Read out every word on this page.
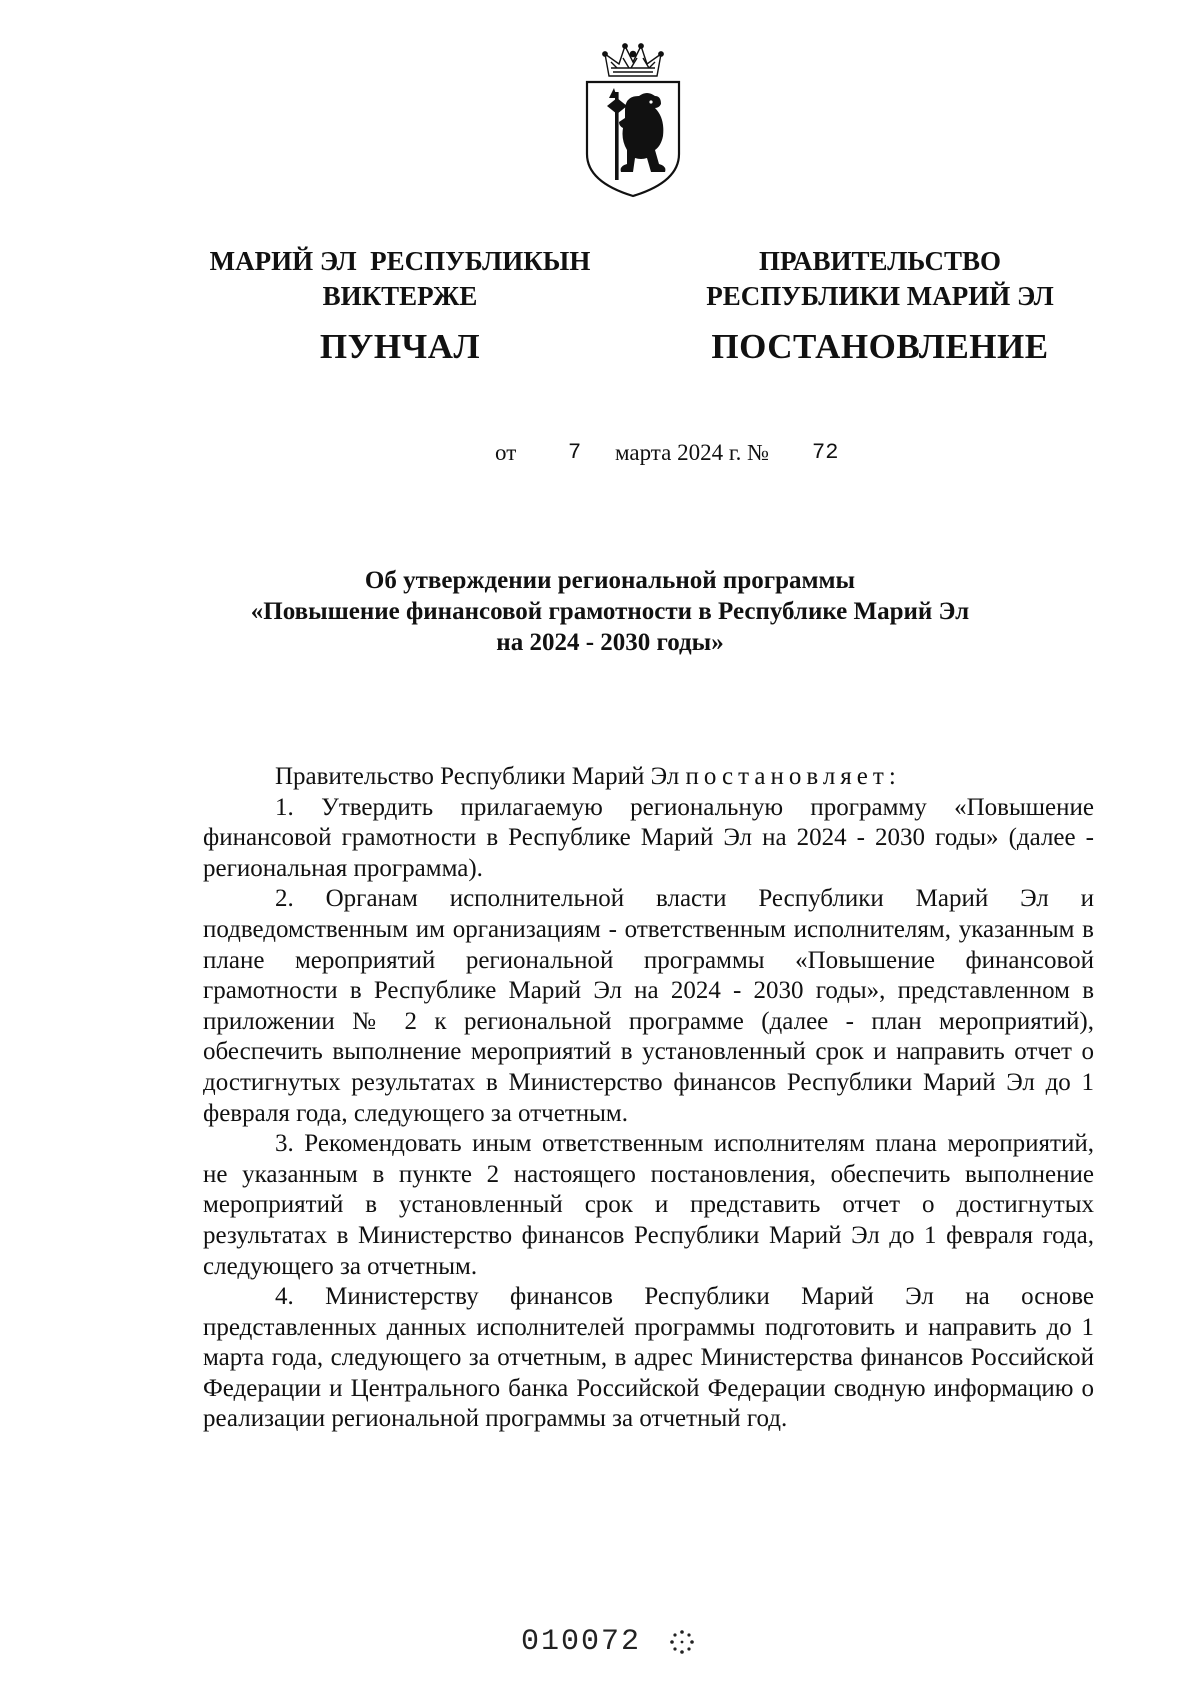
МАРИЙ ЭЛ  РЕСПУБЛИКЫН
ВИКТЕРЖЕ
ПУНЧАЛ
ПРАВИТЕЛЬСТВО
РЕСПУБЛИКИ МАРИЙ ЭЛ
ПОСТАНОВЛЕНИЕ
от 7 марта 2024 г. № 72
Об утверждении региональной программы
«Повышение финансовой грамотности в Республике Марий Эл
на 2024 - 2030 годы»

Правительство Республики Марий Эл постановляет:

1. Утвердить прилагаемую региональную программу «Повышение финансовой грамотности в Республике Марий Эл на 2024 - 2030 годы» (далее - региональная программа).

2. Органам исполнительной власти Республики Марий Эл и подведомственным им организациям - ответственным исполнителям, указанным в плане мероприятий региональной программы «Повышение финансовой грамотности в Республике Марий Эл на 2024 - 2030 годы», представленном в приложении № 2 к региональной программе (далее - план мероприятий), обеспечить выполнение мероприятий в установленный срок и направить отчет о достигнутых результатах в Министерство финансов Республики Марий Эл до 1 февраля года, следующего за отчетным.

3. Рекомендовать иным ответственным исполнителям плана мероприятий, не указанным в пункте 2 настоящего постановления, обеспечить выполнение мероприятий в установленный срок и представить отчет о достигнутых результатах в Министерство финансов Республики Марий Эл до 1 февраля года, следующего за отчетным.

4. Министерству финансов Республики Марий Эл на основе представленных данных исполнителей программы подготовить и направить до 1 марта года, следующего за отчетным, в адрес Министерства финансов Российской Федерации и Центрального банка Российской Федерации сводную информацию о реализации региональной программы за отчетный год.

010072
